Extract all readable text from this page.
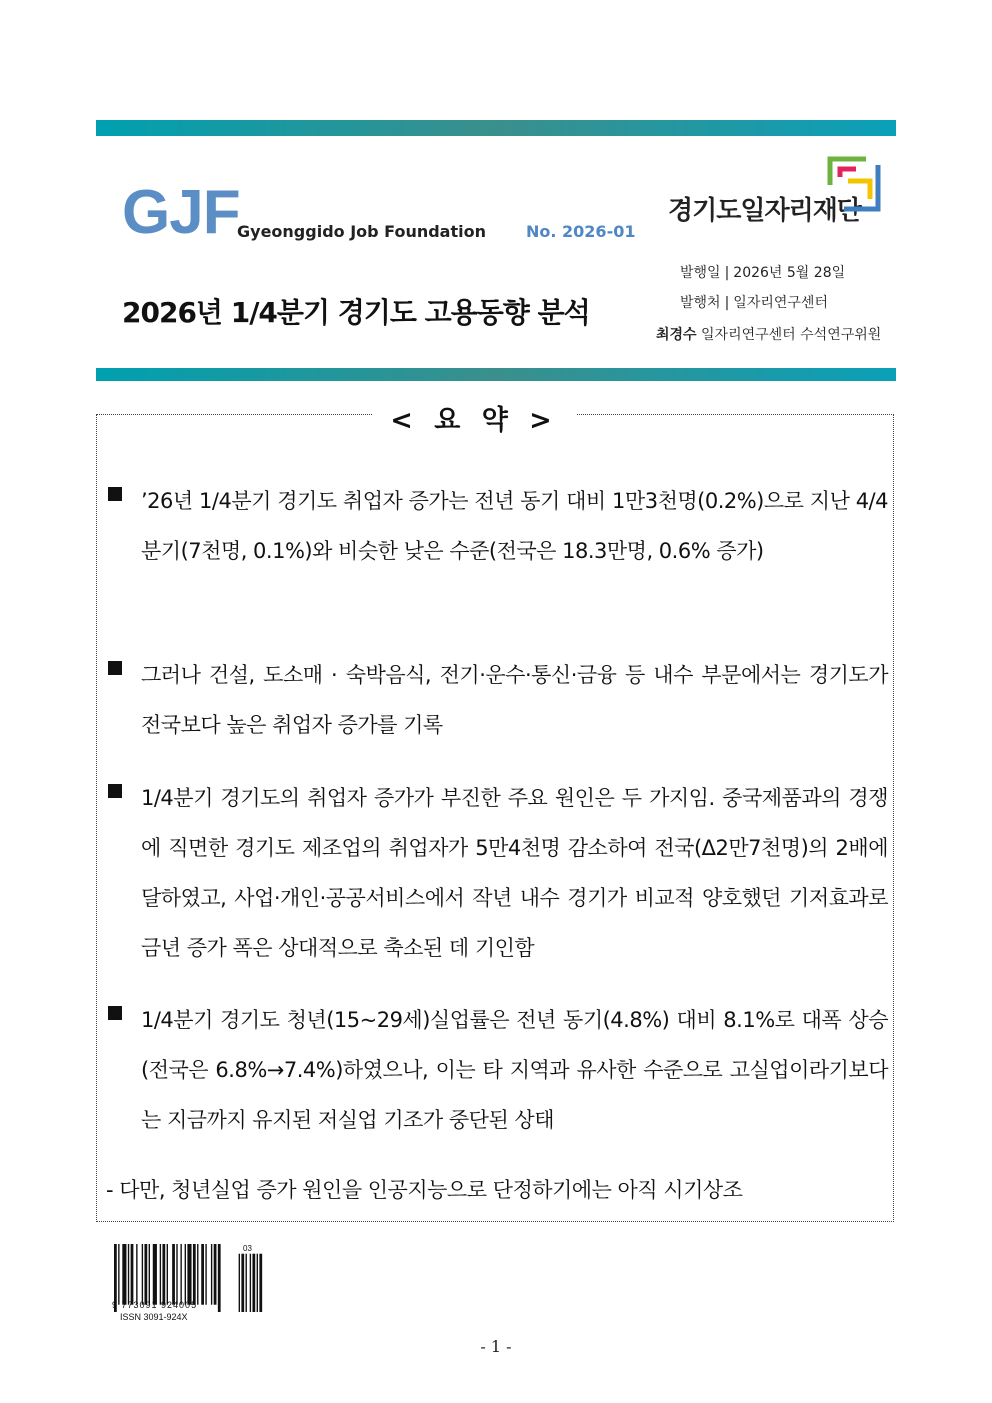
GJF
Gyeonggido Job Foundation	No. 2026-01
경기도일자리재단
2026년 1/4분기 경기도 고용동향 분석
발행일 | 2026년 5월 28일
발행처 | 일자리연구센터
최경수 일자리연구센터 수석연구위원
< 요 약 >
’26년 1/4분기 경기도 취업자 증가는 전년 동기 대비 1만3천명(0.2%)으로 지난 4/4분기(7천명, 0.1%)와 비슷한 낮은 수준(전국은 18.3만명, 0.6% 증가)
그러나 건설, 도소매 · 숙박음식, 전기·운수·통신·금융 등 내수 부문에서는 경기도가 전국보다 높은 취업자 증가를 기록
1/4분기 경기도의 취업자 증가가 부진한 주요 원인은 두 가지임. 중국제품과의 경쟁에 직면한 경기도 제조업의 취업자가 5만4천명 감소하여 전국(Δ2만7천명)의 2배에 달하였고, 사업·개인·공공서비스에서 작년 내수 경기가 비교적 양호했던 기저효과로 금년 증가 폭은 상대적으로 축소된 데 기인함
1/4분기 경기도 청년(15~29세)실업률은 전년 동기(4.8%) 대비 8.1%로 대폭 상승(전국은 6.8%→7.4%)하였으나, 이는 타 지역과 유사한 수준으로 고실업이라기보다는 지금까지 유지된 저실업 기조가 중단된 상태
- 다만, 청년실업 증가 원인을 인공지능으로 단정하기에는 아직 시기상조
03
9 773091 924005
ISSN 3091-924X
- 1 -
